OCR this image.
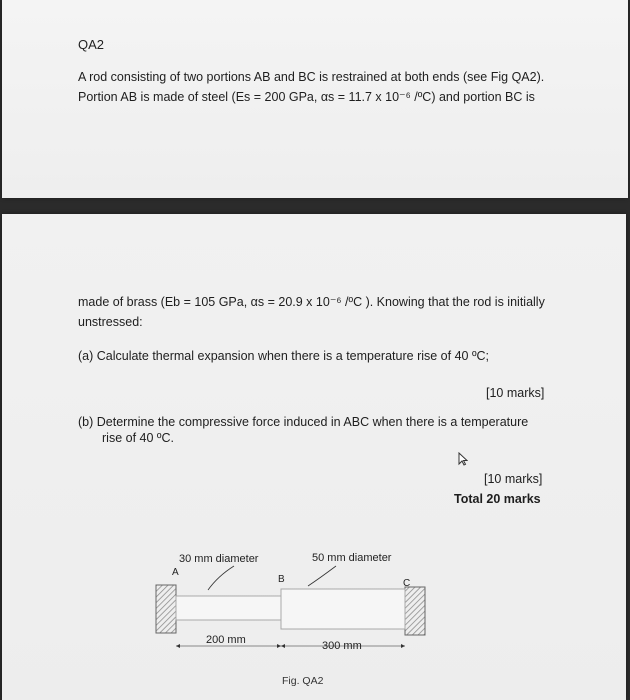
QA2

A rod consisting of two portions AB and BC is restrained at both ends (see Fig QA2).

Portion AB is made of steel (Es = 200 GPa, αs = 11.7 x 10⁻⁶ /ºC) and portion BC is

made of brass (Eb = 105 GPa, αs = 20.9 x 10⁻⁶ /ºC ). Knowing that the rod is initially

unstressed:

(a) Calculate thermal expansion when there is a temperature rise of 40 ºC;

[10 marks]

(b) Determine the compressive force induced in ABC when there is a temperature

rise of 40 ºC.

[10 marks]
Total 20 marks
30 mm diameter	50 mm diameter
A
B	C
200 mm	300 mm
Fig. QA2
